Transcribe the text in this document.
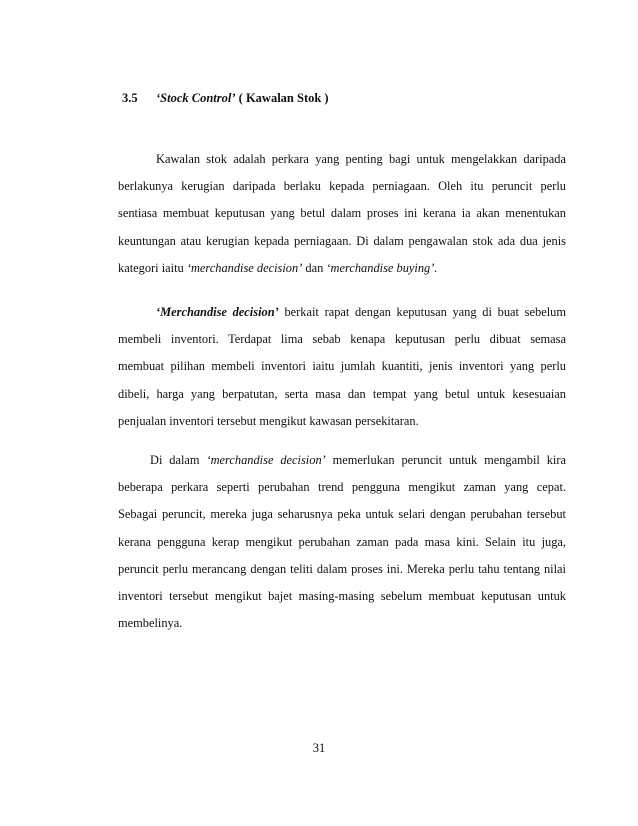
3.5 ‘Stock Control’ ( Kawalan Stok )
Kawalan stok adalah perkara yang penting bagi untuk mengelakkan daripada
berlakunya kerugian daripada berlaku kepada perniagaan. Oleh itu peruncit perlu
sentiasa membuat keputusan yang betul dalam proses ini kerana ia akan menentukan
keuntungan atau kerugian kepada perniagaan. Di dalam pengawalan stok ada dua jenis
kategori iaitu ‘merchandise decision’ dan ‘merchandise buying’.
‘Merchandise decision’ berkait rapat dengan keputusan yang di buat sebelum
membeli inventori. Terdapat lima sebab kenapa keputusan perlu dibuat semasa
membuat pilihan membeli inventori iaitu jumlah kuantiti, jenis inventori yang perlu
dibeli, harga yang berpatutan, serta masa dan tempat yang betul untuk kesesuaian
penjualan inventori tersebut mengikut kawasan persekitaran.
Di dalam ‘merchandise decision’ memerlukan peruncit untuk mengambil kira
beberapa perkara seperti perubahan trend pengguna mengikut zaman yang cepat.
Sebagai peruncit, mereka juga seharusnya peka untuk selari dengan perubahan tersebut
kerana pengguna kerap mengikut perubahan zaman pada masa kini. Selain itu juga,
peruncit perlu merancang dengan teliti dalam proses ini. Mereka perlu tahu tentang nilai
inventori tersebut mengikut bajet masing-masing sebelum membuat keputusan untuk
membelinya.
31
